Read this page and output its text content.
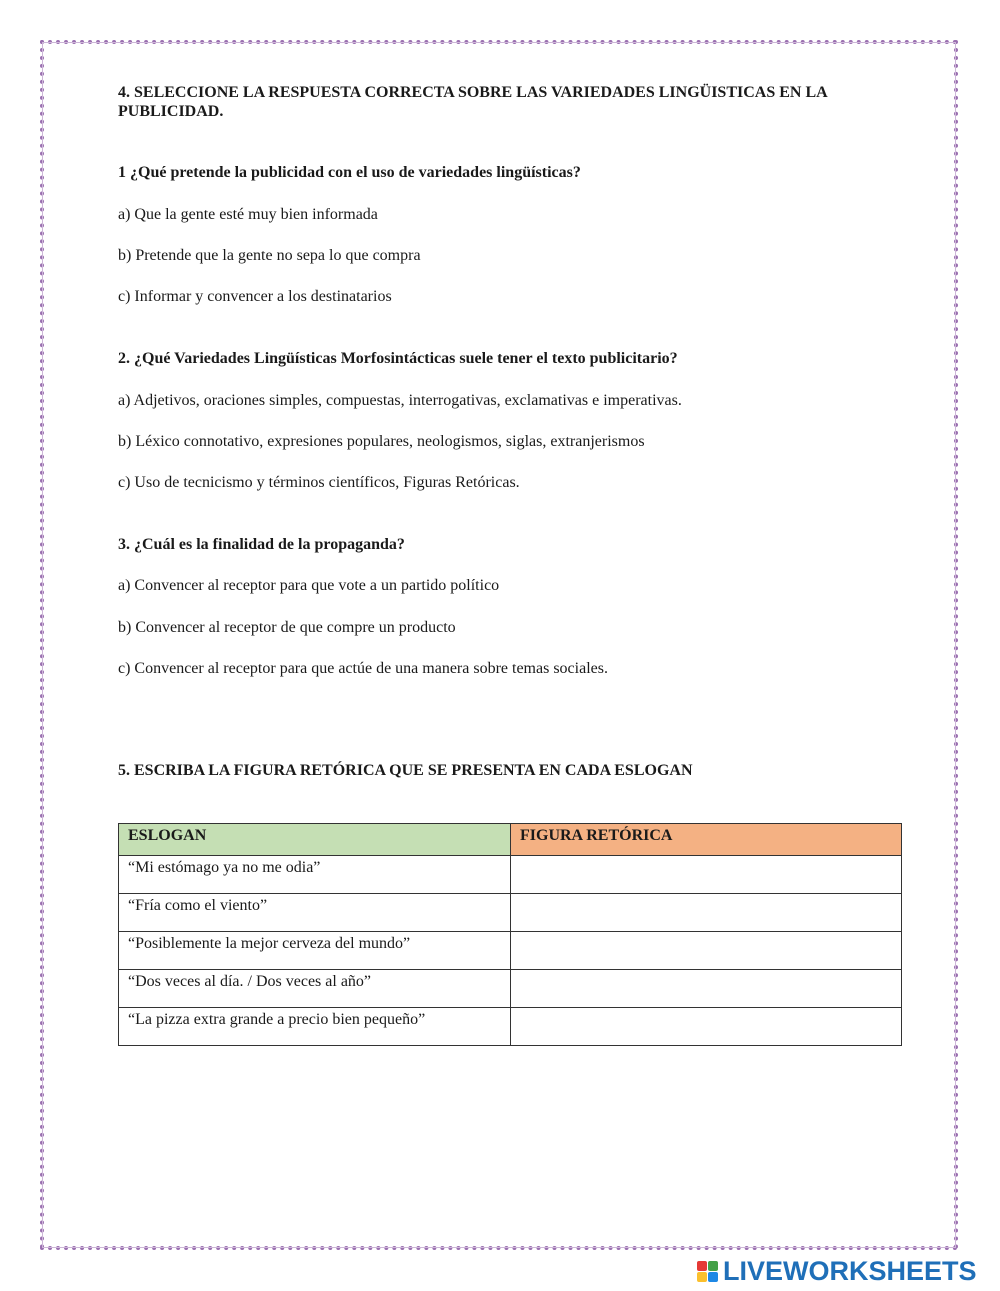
4. SELECCIONE LA RESPUESTA CORRECTA SOBRE LAS VARIEDADES LINGÜISTICAS EN LA PUBLICIDAD.

1 ¿Qué pretende la publicidad con el uso de variedades lingüísticas?
a) Que la gente esté muy bien informada
b) Pretende que la gente no sepa lo que compra
c) Informar y convencer a los destinatarios
2. ¿Qué Variedades Lingüísticas Morfosintácticas suele tener el texto publicitario?
a) Adjetivos, oraciones simples, compuestas, interrogativas, exclamativas e imperativas.
b) Léxico connotativo, expresiones populares, neologismos, siglas, extranjerismos
c) Uso de tecnicismo y términos científicos, Figuras Retóricas.
3. ¿Cuál es la finalidad de la propaganda?
a) Convencer al receptor para que vote a un partido político
b) Convencer al receptor de que compre un producto
c) Convencer al receptor para que actúe de una manera sobre temas sociales.
5. ESCRIBA LA FIGURA RETÓRICA QUE SE PRESENTA EN CADA ESLOGAN
ESLOGAN	FIGURA RETÓRICA
“Mi estómago ya no me odia”	
“Fría como el viento”	
“Posiblemente la mejor cerveza del mundo”	
“Dos veces al día. / Dos veces al año”	
“La pizza extra grande a precio bien pequeño”	
LIVEWORKSHEETS
